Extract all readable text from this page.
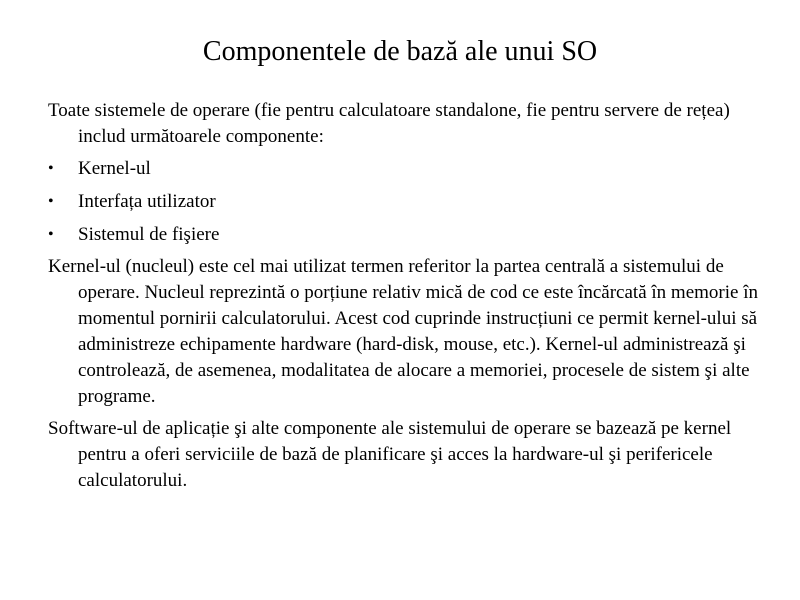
Componentele de bază ale unui SO

Toate sistemele de operare (fie pentru calculatoare standalone, fie pentru servere de rețea) includ următoarele componente:

•	Kernel-ul
•	Interfața utilizator
•	Sistemul de fişiere

Kernel-ul (nucleul) este cel mai utilizat termen referitor la partea centrală a sistemului de operare. Nucleul reprezintă o porțiune relativ mică de cod ce este încărcată în memorie în momentul pornirii calculatorului. Acest cod cuprinde instrucțiuni ce permit kernel-ului să administreze echipamente hardware (hard-disk, mouse, etc.). Kernel-ul administrează şi controlează, de asemenea, modalitatea de alocare a memoriei, procesele de sistem şi alte programe.

Software-ul de aplicație şi alte componente ale sistemului de operare se bazează pe kernel pentru a oferi serviciile de bază de planificare şi acces la hardware-ul şi perifericele calculatorului.
